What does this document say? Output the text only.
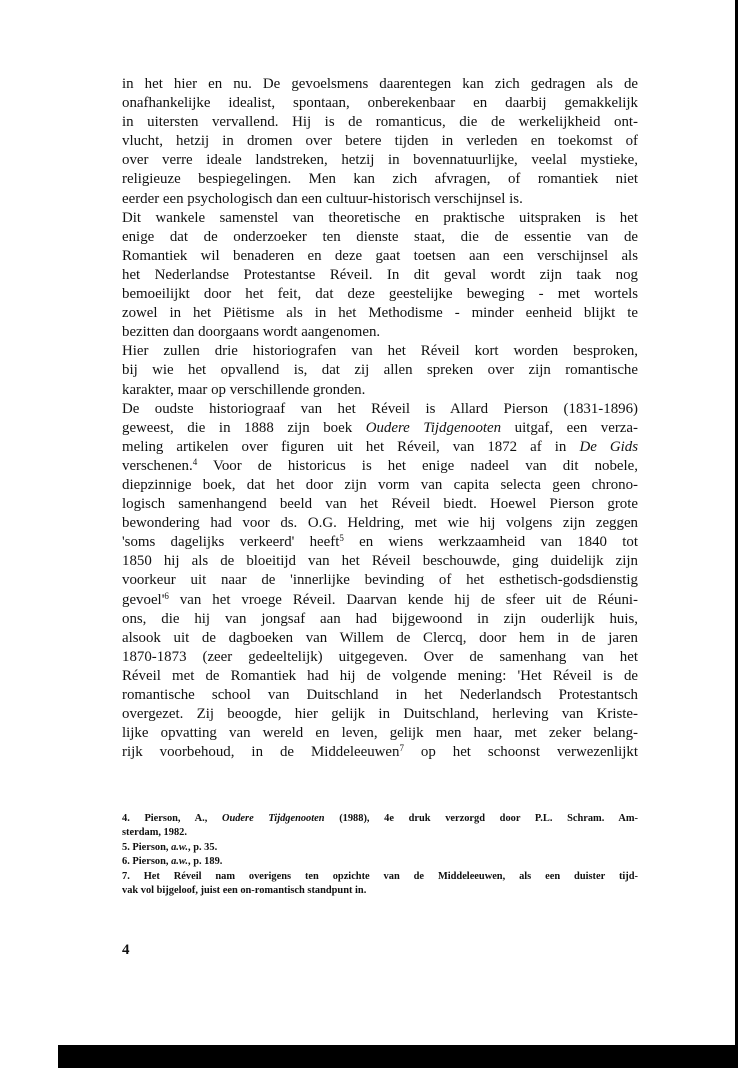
in het hier en nu. De gevoelsmens daarentegen kan zich gedragen als de
onafhankelijke idealist, spontaan, onberekenbaar en daarbij gemakkelijk
in uitersten vervallend. Hij is de romanticus, die de werkelijkheid ont-
vlucht, hetzij in dromen over betere tijden in verleden en toekomst of
over verre ideale landstreken, hetzij in bovennatuurlijke, veelal mystieke,
religieuze bespiegelingen. Men kan zich afvragen, of romantiek niet
eerder een psychologisch dan een cultuur-historisch verschijnsel is.
Dit wankele samenstel van theoretische en praktische uitspraken is het
enige dat de onderzoeker ten dienste staat, die de essentie van de
Romantiek wil benaderen en deze gaat toetsen aan een verschijnsel als
het Nederlandse Protestantse Réveil. In dit geval wordt zijn taak nog
bemoeilijkt door het feit, dat deze geestelijke beweging - met wortels
zowel in het Piëtisme als in het Methodisme - minder eenheid blijkt te
bezitten dan doorgaans wordt aangenomen.
Hier zullen drie historiografen van het Réveil kort worden besproken,
bij wie het opvallend is, dat zij allen spreken over zijn romantische
karakter, maar op verschillende gronden.
De oudste historiograaf van het Réveil is Allard Pierson (1831-1896)
geweest, die in 1888 zijn boek Oudere Tijdgenooten uitgaf, een verza-
meling artikelen over figuren uit het Réveil, van 1872 af in De Gids
verschenen.$^4$ Voor de historicus is het enige nadeel van dit nobele,
diepzinnige boek, dat het door zijn vorm van capita selecta geen chrono-
logisch samenhangend beeld van het Réveil biedt. Hoewel Pierson grote
bewondering had voor ds. O.G. Heldring, met wie hij volgens zijn zeggen
'soms dagelijks verkeerd' heeft$^5$ en wiens werkzaamheid van 1840 tot
1850 hij als de bloeitijd van het Réveil beschouwde, ging duidelijk zijn
voorkeur uit naar de 'innerlijke bevinding of het esthetisch-godsdienstig
gevoel'$^6$ van het vroege Réveil. Daarvan kende hij de sfeer uit de Réuni-
ons, die hij van jongsaf aan had bijgewoond in zijn ouderlijk huis,
alsook uit de dagboeken van Willem de Clercq, door hem in de jaren
1870-1873 (zeer gedeeltelijk) uitgegeven. Over de samenhang van het
Réveil met de Romantiek had hij de volgende mening: 'Het Réveil is de
romantische school van Duitschland in het Nederlandsch Protestantsch
overgezet. Zij beoogde, hier gelijk in Duitschland, herleving van Kriste-
lijke opvatting van wereld en leven, gelijk men haar, met zeker belang-
rijk voorbehoud, in de Middeleeuwen$^7$ op het schoonst verwezenlijkt
4. Pierson, A., Oudere Tijdgenooten (1988), 4e druk verzorgd door P.L. Schram. Am-
sterdam, 1982.
5. Pierson, a.w., p. 35.
6. Pierson, a.w., p. 189.
7. Het Réveil nam overigens ten opzichte van de Middeleeuwen, als een duister tijd-
vak vol bijgeloof, juist een on-romantisch standpunt in.
4
